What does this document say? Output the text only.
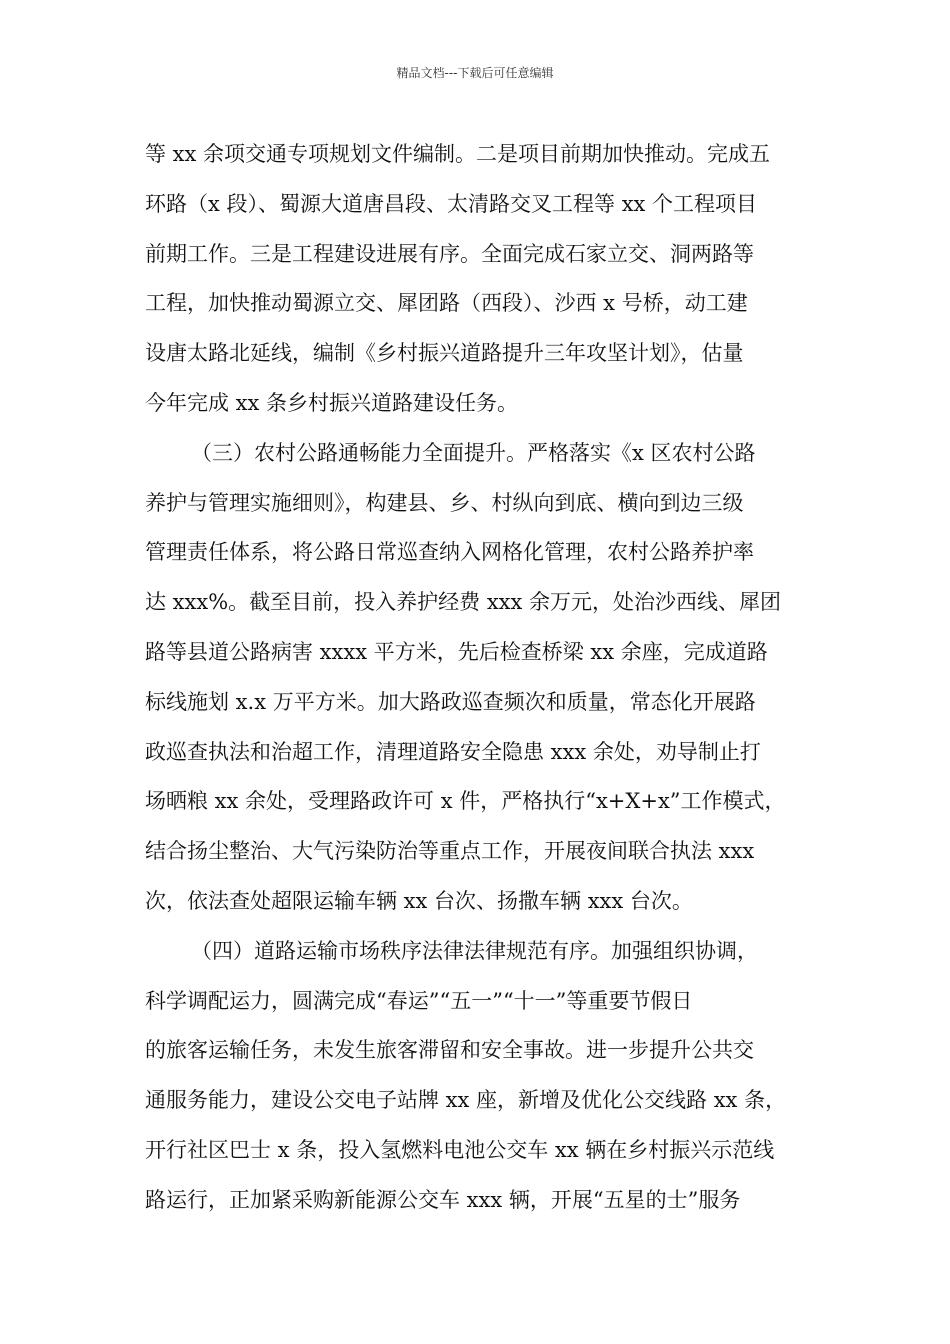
精品文档---下载后可任意编辑
等 xx 余项交通专项规划文件编制。二是项目前期加快推动。完成五
环路（x 段）、蜀源大道唐昌段、太清路交叉工程等 xx 个工程项目
前期工作。三是工程建设进展有序。全面完成石家立交、洞两路等
工程，加快推动蜀源立交、犀团路（西段）、沙西 x 号桥，动工建
设唐太路北延线，编制《乡村振兴道路提升三年攻坚计划》，估量
今年完成 xx 条乡村振兴道路建设任务。
（三）农村公路通畅能力全面提升。严格落实《x 区农村公路
养护与管理实施细则》，构建县、乡、村纵向到底、横向到边三级
管理责任体系，将公路日常巡查纳入网格化管理，农村公路养护率
达 xxx%。截至目前，投入养护经费 xxx 余万元，处治沙西线、犀团
路等县道公路病害 xxxx 平方米，先后检查桥梁 xx 余座，完成道路
标线施划 x.x 万平方米。加大路政巡查频次和质量，常态化开展路
政巡查执法和治超工作，清理道路安全隐患 xxx 余处，劝导制止打
场晒粮 xx 余处，受理路政许可 x 件，严格执行“x+X+x”工作模式，
结合扬尘整治、大气污染防治等重点工作，开展夜间联合执法 xxx
次，依法查处超限运输车辆 xx 台次、扬撒车辆 xxx 台次。
（四）道路运输市场秩序法律法律规范有序。加强组织协调，
科学调配运力，圆满完成“春运”“五一”“十一”等重要节假日
的旅客运输任务，未发生旅客滞留和安全事故。进一步提升公共交
通服务能力，建设公交电子站牌 xx 座，新增及优化公交线路 xx 条，
开行社区巴士 x 条，投入氢燃料电池公交车 xx 辆在乡村振兴示范线
路运行，正加紧采购新能源公交车 xxx 辆，开展“五星的士”服务
